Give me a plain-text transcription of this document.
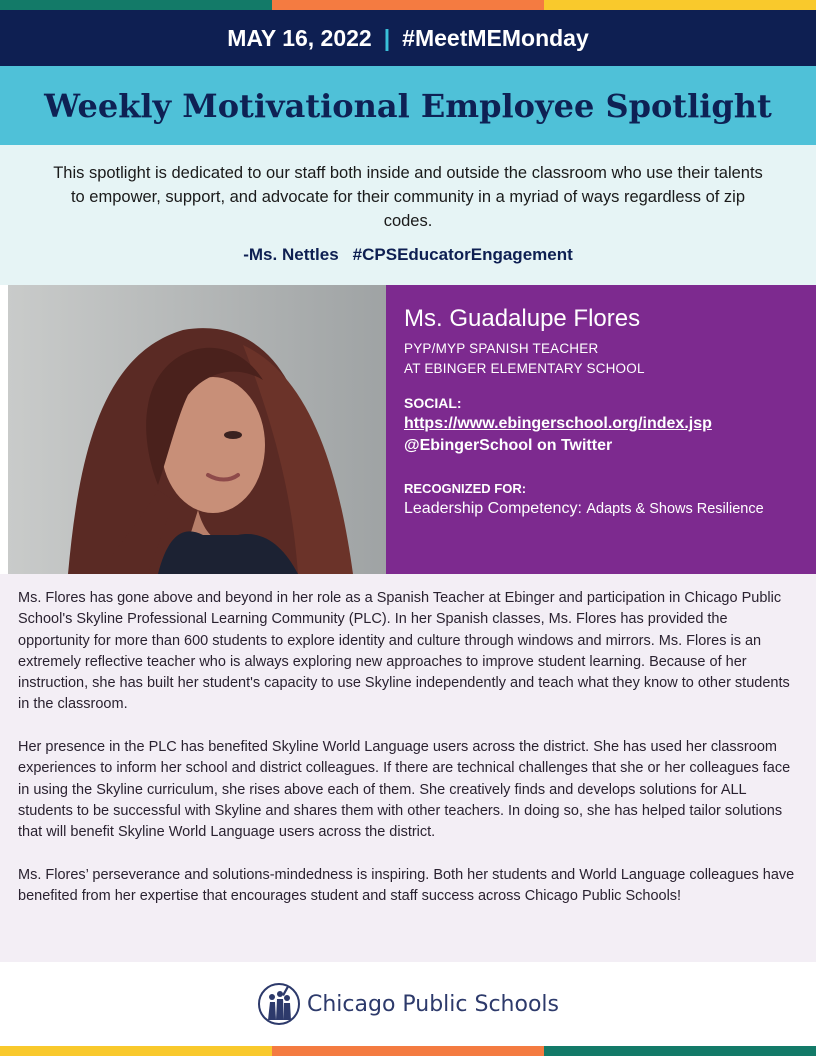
MAY 16, 2022 | #MeetMEMonday
Weekly Motivational Employee Spotlight

This spotlight is dedicated to our staff both inside and outside the classroom who use their talents to empower, support, and advocate for their community in a myriad of ways regardless of zip codes.

-Ms. Nettles #CPSEducatorEngagement

Ms. Guadalupe Flores
PYP/MYP SPANISH TEACHER
AT EBINGER ELEMENTARY SCHOOL
SOCIAL:
https://www.ebingerschool.org/index.jsp
@EbingerSchool on Twitter
RECOGNIZED FOR:
Leadership Competency: Adapts & Shows Resilience

Ms. Flores has gone above and beyond in her role as a Spanish Teacher at Ebinger and participation in Chicago Public School's Skyline Professional Learning Community (PLC). In her Spanish classes, Ms. Flores has provided the opportunity for more than 600 students to explore identity and culture through windows and mirrors. Ms. Flores is an extremely reflective teacher who is always exploring new approaches to improve student learning. Because of her instruction, she has built her student's capacity to use Skyline independently and teach what they know to other students in the classroom.

Her presence in the PLC has benefited Skyline World Language users across the district. She has used her classroom experiences to inform her school and district colleagues. If there are technical challenges that she or her colleagues face in using the Skyline curriculum, she rises above each of them. She creatively finds and develops solutions for ALL students to be successful with Skyline and shares them with other teachers. In doing so, she has helped tailor solutions that will benefit Skyline World Language users across the district.

Ms. Flores’ perseverance and solutions-mindedness is inspiring. Both her students and World Language colleagues have benefited from her expertise that encourages student and staff success across Chicago Public Schools!

Chicago Public Schools
